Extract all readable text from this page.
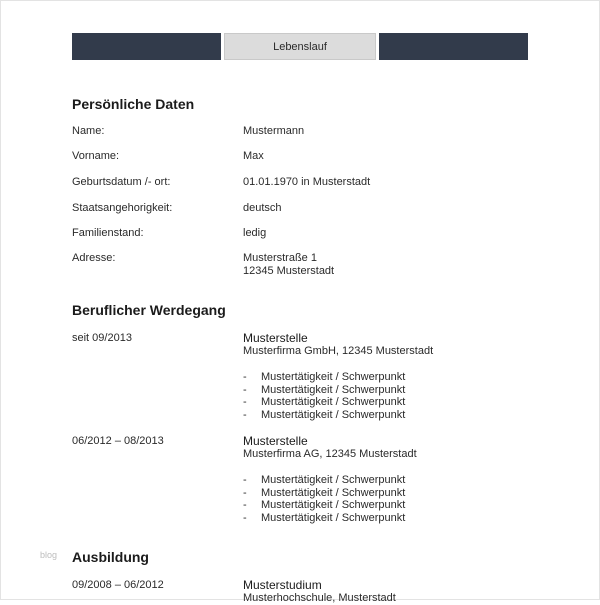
Lebenslauf
Persönliche Daten
Name:	Mustermann
Vorname:	Max
Geburtsdatum /- ort:	01.01.1970 in Musterstadt
Staatsangehorigkeit:	deutsch
Familienstand:	ledig
Adresse:	Musterstraße 1
12345 Musterstadt
Beruflicher Werdegang
seit 09/2013	Musterstelle
Musterfirma GmbH, 12345 Musterstadt
-	Mustertätigkeit / Schwerpunkt
-	Mustertätigkeit / Schwerpunkt
-	Mustertätigkeit / Schwerpunkt
-	Mustertätigkeit / Schwerpunkt
06/2012 – 08/2013	Musterstelle
Musterfirma AG, 12345 Musterstadt
-	Mustertätigkeit / Schwerpunkt
-	Mustertätigkeit / Schwerpunkt
-	Mustertätigkeit / Schwerpunkt
-	Mustertätigkeit / Schwerpunkt
Ausbildung
09/2008 – 06/2012	Musterstudium
Musterhochschule, Musterstadt
blog
